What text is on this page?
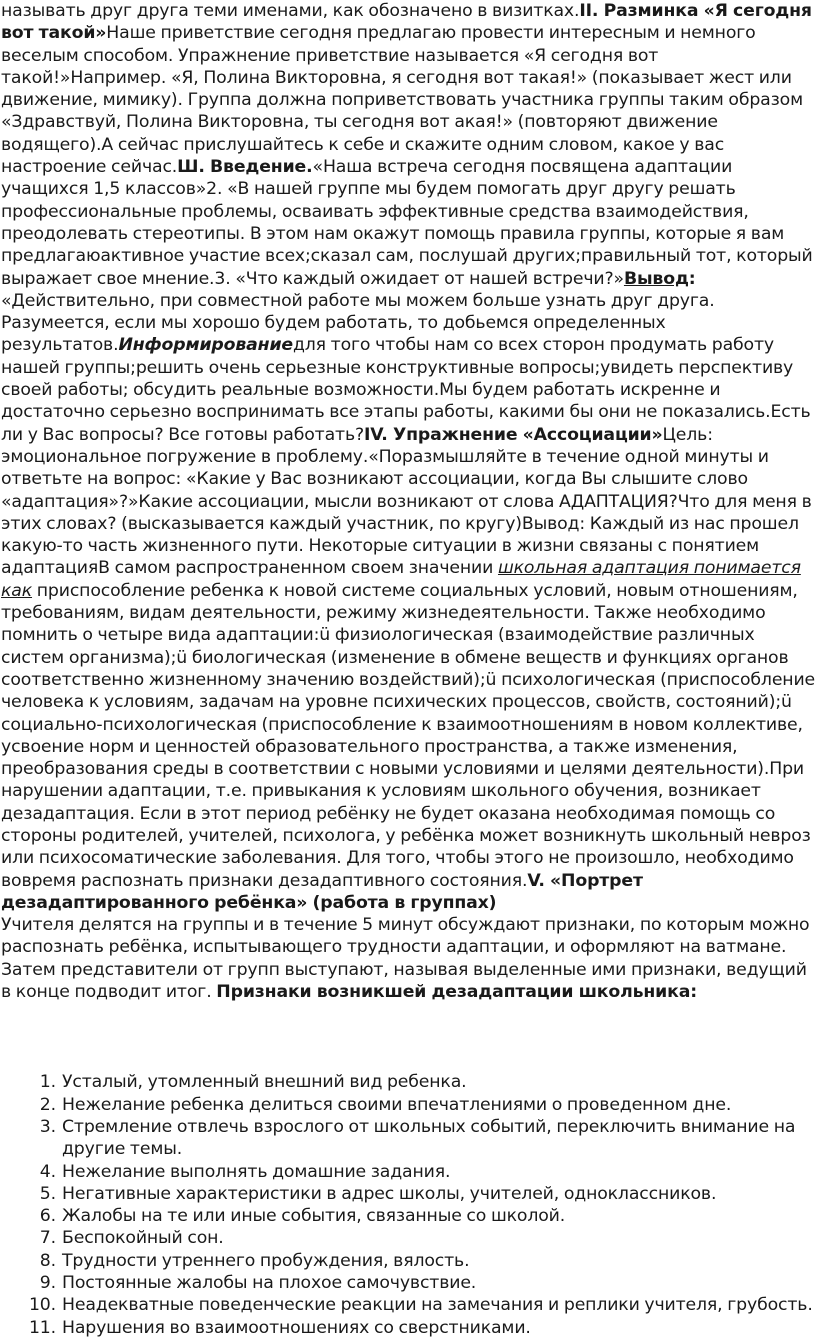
называть друг друга теми именами, как обозначено в визитках.II. Разминка «Я сегодня вот такой»Наше приветствие сегодня предлагаю провести интересным и немного веселым способом. Упражнение приветствие называется «Я сегодня вот такой!»Например. «Я, Полина Викторовна, я сегодня вот такая!» (показывает жест или движение, мимику). Группа должна поприветствовать участника группы таким образом «Здравствуй, Полина Викторовна, ты сегодня вот акая!» (повторяют движение водящего).А сейчас прислушайтесь к себе и скажите одним словом, какое у вас настроение сейчас.Ш. Введение.«Наша встреча сегодня посвящена адаптации учащихся 1,5 классов»2. «В нашей группе мы будем помогать друг другу решать профессиональные проблемы, осваивать эффективные средства взаимодействия, преодолевать стереотипы. В этом нам окажут помощь правила группы, которые я вам предлагаюактивное участие всех;сказал сам, послушай других;правильный тот, который выражает свое мнение.3. «Что каждый ожидает от нашей встречи?»Вывод: «Действительно, при совместной работе мы можем больше узнать друг друга. Разумеется, если мы хорошо будем работать, то добьемся определенных результатов.Информированиедля того чтобы нам со всех сторон продумать работу нашей группы;решить очень серьезные конструктивные вопросы;увидеть перспективу своей работы; обсудить реальные возможности.Мы будем работать искренне и достаточно серьезно воспринимать все этапы работы, какими бы они не показались.Есть ли у Вас вопросы? Все готовы работать?IV. Упражнение «Ассоциации»Цель: эмоциональное погружение в проблему.«Поразмышляйте в течение одной минуты и ответьте на вопрос: «Какие у Вас возникают ассоциации, когда Вы слышите слово «адаптация»?»Какие ассоциации, мысли возникают от слова АДАПТАЦИЯ?Что для меня в этих словах? (высказывается каждый участник, по кругу)Вывод: Каждый из нас прошел какую-то часть жизненного пути. Некоторые ситуации в жизни связаны с понятием адаптацияВ самом распространенном своем значении школьная адаптация понимается как приспособление ребенка к новой системе социальных условий, новым отношениям, требованиям, видам деятельности, режиму жизнедеятельности. Также необходимо помнить о четыре вида адаптации:ü физиологическая (взаимодействие различных систем организма);ü биологическая (изменение в обмене веществ и функциях органов соответственно жизненному значению воздействий);ü психологическая (приспособление человека к условиям, задачам на уровне психических процессов, свойств, состояний);ü социально-психологическая (приспособление к взаимоотношениям в новом коллективе, усвоение норм и ценностей образовательного пространства, а также изменения, преобразования среды в соответствии с новыми условиями и целями деятельности).При нарушении адаптации, т.е. привыкания к условиям школьного обучения, возникает дезадаптация. Если в этот период ребёнку не будет оказана необходимая помощь со стороны родителей, учителей, психолога, у ребёнка может возникнуть школьный невроз или психосоматические заболевания. Для того, чтобы этого не произошло, необходимо вовремя распознать признаки дезадаптивного состояния.V. «Портрет дезадаптированного ребёнка» (работа в группах)
Учителя делятся на группы и в течение 5 минут обсуждают признаки, по которым можно распознать ребёнка, испытывающего трудности адаптации, и оформляют на ватмане. Затем представители от групп выступают, называя выделенные ими признаки, ведущий в конце подводит итог. Признаки возникшей дезадаптации школьника:

1. Усталый, утомленный внешний вид ребенка.
2. Нежелание ребенка делиться своими впечатлениями о проведенном дне.
3. Стремление отвлечь взрослого от школьных событий, переключить внимание на другие темы.
4. Нежелание выполнять домашние задания.
5. Негативные характеристики в адрес школы, учителей, одноклассников.
6. Жалобы на те или иные события, связанные со школой.
7. Беспокойный сон.
8. Трудности утреннего пробуждения, вялость.
9. Постоянные жалобы на плохое самочувствие.
10. Неадекватные поведенческие реакции на замечания и реплики учителя, грубость.
11. Нарушения во взаимоотношениях со сверстниками.
